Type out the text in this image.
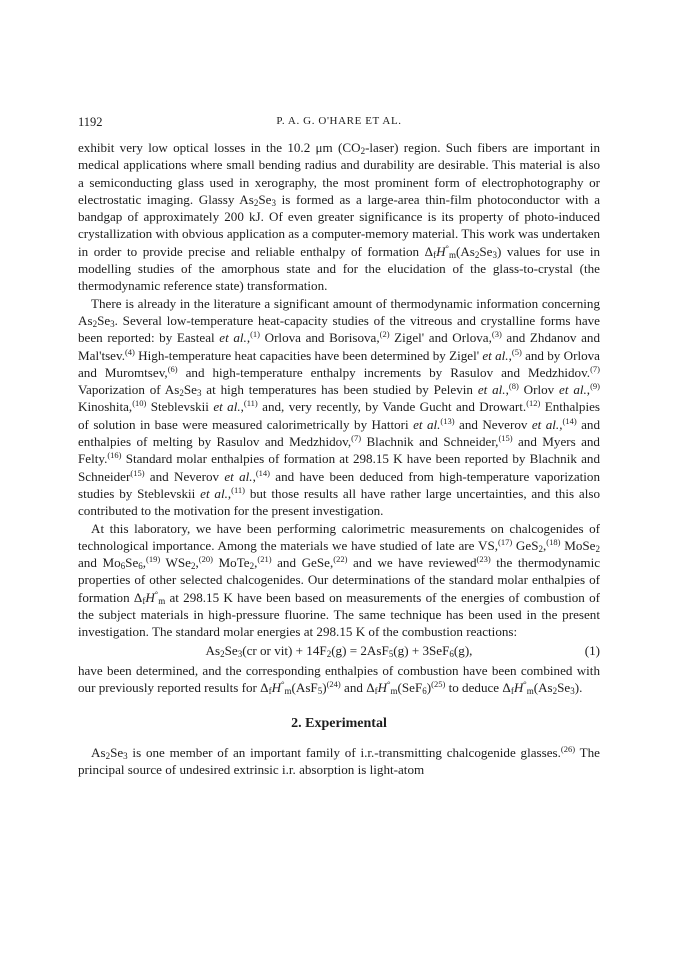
1192	P. A. G. O'HARE ET AL.

exhibit very low optical losses in the 10.2 μm $(CO_2-laser)$ region. Such fibers are important in medical applications where small bending radius and durability are desirable. This material is also a semiconducting glass used in xerography, the most prominent form of electrophotography or electrostatic imaging. Glassy $As_2Se_3$ is formed as a large-area thin-film photoconductor with a bandgap of approximately 200 kJ. Of even greater significance is its property of photo-induced crystallization with obvious application as a computer-memory material. This work was undertaken in order to provide precise and reliable enthalpy of formation $\Delta_fH^\circ_m(As_2Se_3)$ values for use in modelling studies of the amorphous state and for the elucidation of the glass-to-crystal (the thermodynamic reference state) transformation.

There is already in the literature a significant amount of thermodynamic information concerning $As_2Se_3$. Several low-temperature heat-capacity studies of the vitreous and crystalline forms have been reported: by Easteal et al.,$^{(1)}$ Orlova and Borisova,$^{(2)}$ Zigel' and Orlova,$^{(3)}$ and Zhdanov and Mal'tsev.$^{(4)}$ High-temperature heat capacities have been determined by Zigel' et al.,$^{(5)}$ and by Orlova and Muromtsev,$^{(6)}$ and high-temperature enthalpy increments by Rasulov and Medzhidov.$^{(7)}$ Vaporization of $As_2Se_3$ at high temperatures has been studied by Pelevin et al.,$^{(8)}$ Orlov et al.,$^{(9)}$ Kinoshita,$^{(10)}$ Steblevskii et al.,$^{(11)}$ and, very recently, by Vande Gucht and Drowart.$^{(12)}$ Enthalpies of solution in base were measured calorimetrically by Hattori et al.$^{(13)}$ and Neverov et al.,$^{(14)}$ and enthalpies of melting by Rasulov and Medzhidov,$^{(7)}$ Blachnik and Schneider,$^{(15)}$ and Myers and Felty.$^{(16)}$ Standard molar enthalpies of formation at 298.15 K have been reported by Blachnik and Schneider$^{(15)}$ and Neverov et al.,$^{(14)}$ and have been deduced from high-temperature vaporization studies by Steblevskii et al.,$^{(11)}$ but those results all have rather large uncertainties, and this also contributed to the motivation for the present investigation.

At this laboratory, we have been performing calorimetric measurements on chalcogenides of technological importance. Among the materials we have studied of late are VS,$^{(17)}$ GeS$_2$,$^{(18)}$ MoSe$_2$ and $Mo_6Se_6,^{(19)}$ WSe$_2$,$^{(20)}$ MoTe$_2$,$^{(21)}$ and GeSe,$^{(22)}$ and we have reviewed$^{(23)}$ the thermodynamic properties of other selected chalcogenides. Our determinations of the standard molar enthalpies of formation $\Delta_fH^\circ_m$ at 298.15 K have been based on measurements of the energies of combustion of the subject materials in high-pressure fluorine. The same technique has been used in the present investigation. The standard molar energies at 298.15 K of the combustion reactions:

$As_2Se_3(cr$ or $vit) + 14F_2(g) = 2AsF_5(g) + 3SeF_6(g)$,	(1)

have been determined, and the corresponding enthalpies of combustion have been combined with our previously reported results for $\Delta_fH^\circ_m(AsF_5)^{(24)}$ and $\Delta_fH^\circ_m(SeF_6)^{(25)}$ to deduce $\Delta_fH^\circ_m(As_2Se_3)$.

2. Experimental

$As_2Se_3$ is one member of an important family of i.r.-transmitting chalcogenide glasses.$^{(26)}$ The principal source of undesired extrinsic i.r. absorption is light-atom
